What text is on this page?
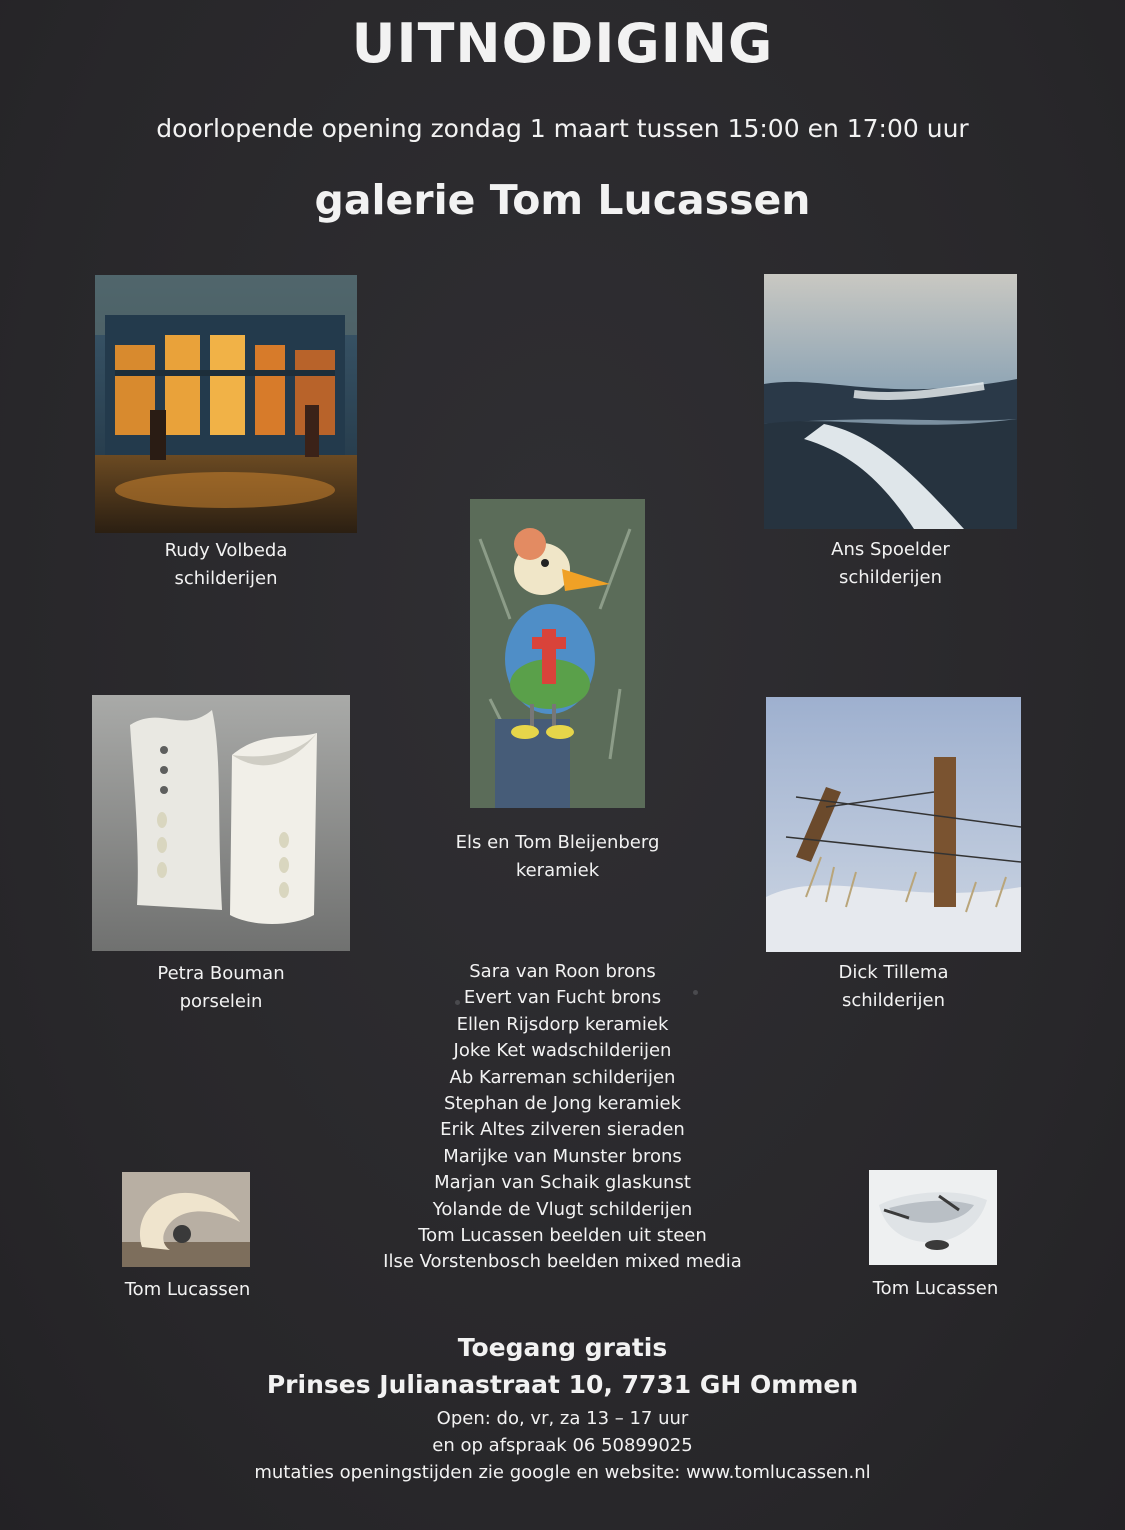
UITNODIGING
doorlopende opening zondag 1 maart tussen 15:00 en 17:00 uur
galerie Tom Lucassen
Rudy Volbeda
schilderijen
Ans Spoelder
schilderijen
Els en Tom Bleijenberg
keramiek
Petra Bouman
porselein
Dick Tillema
schilderijen
Sara van Roon brons
Evert van Fucht brons
Ellen Rijsdorp keramiek
Joke Ket wadschilderijen
Ab Karreman schilderijen
Stephan de Jong keramiek
Erik Altes zilveren sieraden
Marijke van Munster brons
Marjan van Schaik glaskunst
Yolande de Vlugt schilderijen
Tom Lucassen beelden uit steen
Ilse Vorstenbosch beelden mixed media
Tom Lucassen	Tom Lucassen
Toegang gratis
Prinses Julianastraat 10, 7731 GH Ommen
Open: do, vr, za 13 – 17 uur
en op afspraak 06 50899025
mutaties openingstijden zie google en website: www.tomlucassen.nl
